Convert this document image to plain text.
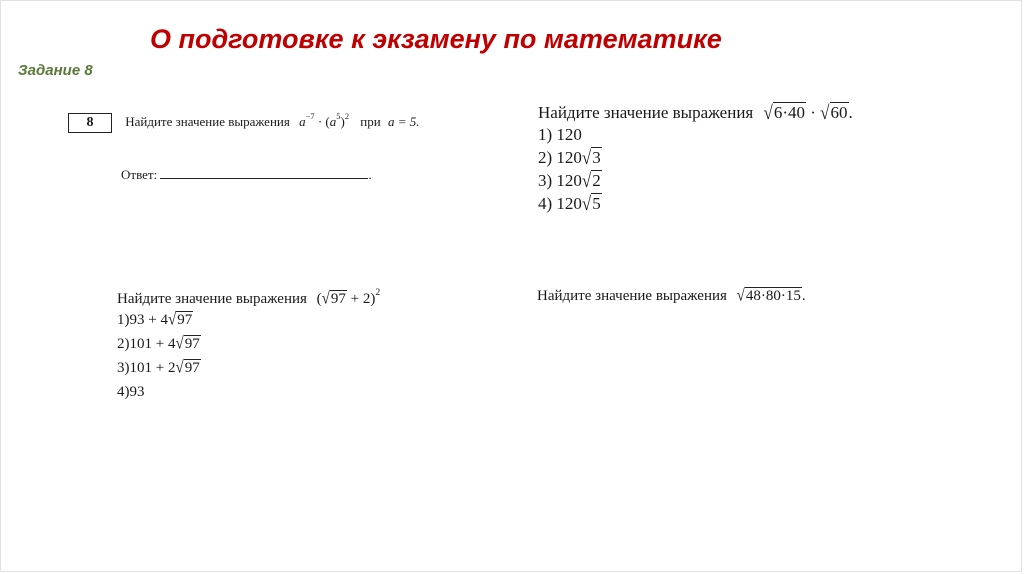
О подготовке к экзамену по математике
Задание 8
8 Найдите значение выражения $a^{-7} \cdot (a^5)^2$ при a = 5.
Ответ:	.
Найдите значение выражения √6·40 · √60.
1) 120
2) 120√3
3) 120√2
4) 120√5
Найдите значение выражения $(√97 + 2)^2$
1)93 + 4√97
2)101 + 4√97
3)101 + 2√97
4)93
Найдите значение выражения √48·80·15.
